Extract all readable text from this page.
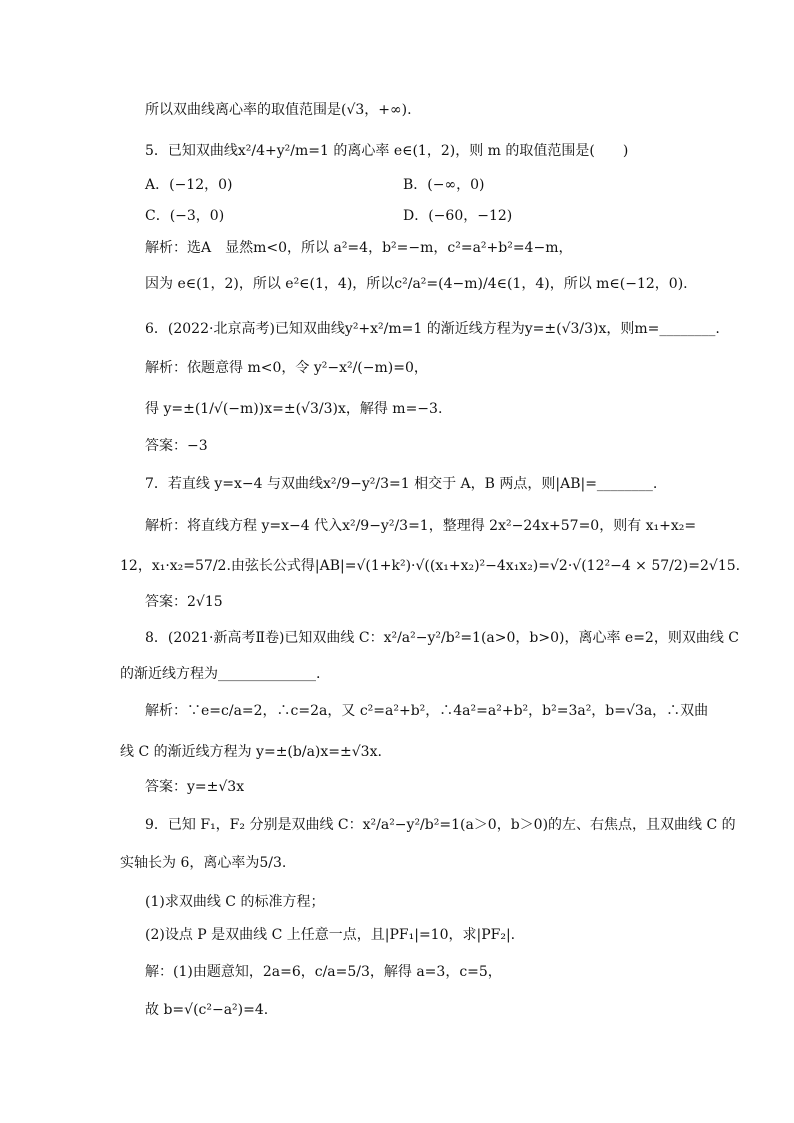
所以双曲线离心率的取值范围是(√3，+∞).
5．已知双曲线x²/4+y²/m=1 的离心率 e∈(1，2)，则 m 的取值范围是(　　)
A．(−12，0)	B．(−∞，0)
C．(−3，0)	D．(−60，−12)
解析：选A　显然m<0，所以 a²=4，b²=−m，c²=a²+b²=4−m，
因为 e∈(1，2)，所以 e²∈(1，4)，所以c²/a²=(4−m)/4∈(1，4)，所以 m∈(−12，0).
6．(2022·北京高考)已知双曲线y²+x²/m=1 的渐近线方程为y=±(√3/3)x，则m=________.
解析：依题意得 m<0，令 y²−x²/(−m)=0，
得 y=±(1/√(−m))x=±(√3/3)x，解得 m=−3.
答案：−3
7．若直线 y=x−4 与双曲线x²/9−y²/3=1 相交于 A，B 两点，则|AB|=________.
解析：将直线方程 y=x−4 代入x²/9−y²/3=1，整理得 2x²−24x+57=0，则有 x₁+x₂=
12，x₁·x₂=57/2.由弦长公式得|AB|=√(1+k²)·√((x₁+x₂)²−4x₁x₂)=√2·√(12²−4 × 57/2)=2√15.
答案：2√15
8．(2021·新高考Ⅱ卷)已知双曲线 C：x²/a²−y²/b²=1(a>0，b>0)，离心率 e=2，则双曲线 C
的渐近线方程为______________.
解析：∵e=c/a=2，∴c=2a，又 c²=a²+b²，∴4a²=a²+b²，b²=3a²，b=√3a，∴双曲
线 C 的渐近线方程为 y=±(b/a)x=±√3x.
答案：y=±√3x
9．已知 F₁，F₂ 分别是双曲线 C：x²/a²−y²/b²=1(a＞0，b＞0)的左、右焦点，且双曲线 C 的
实轴长为 6，离心率为5/3.
(1)求双曲线 C 的标准方程；
(2)设点 P 是双曲线 C 上任意一点，且|PF₁|=10，求|PF₂|.
解：(1)由题意知，2a=6，c/a=5/3，解得 a=3，c=5，
故 b=√(c²−a²)=4.
